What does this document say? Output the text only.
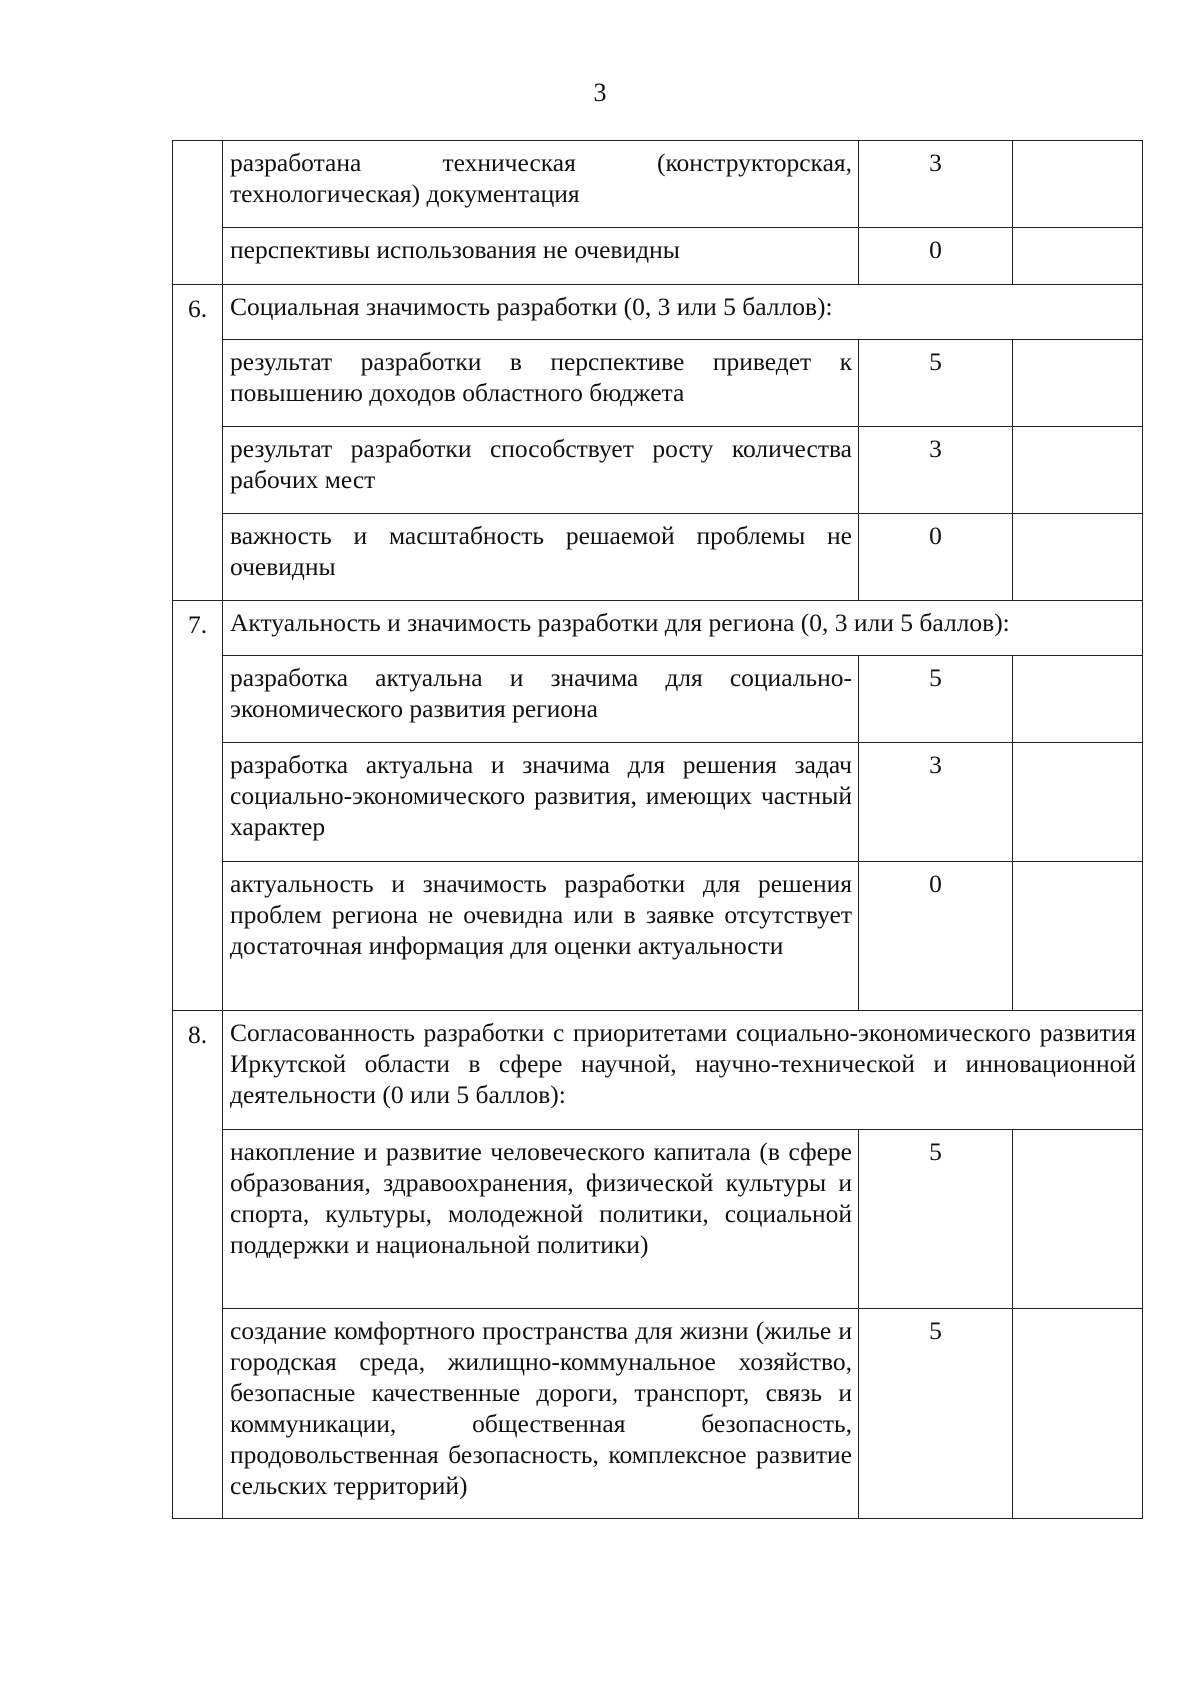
3
	разработана техническая (конструкторская, технологическая) документация	3	
	перспективы использования не очевидны	0	
6.	Социальная значимость разработки (0, 3 или 5 баллов):		
	результат разработки в перспективе приведет к повышению доходов областного бюджета	5	
	результат разработки способствует росту количества рабочих мест	3	
	важность и масштабность решаемой проблемы не очевидны	0	
7.	Актуальность и значимость разработки для региона (0, 3 или 5 баллов):		
	разработка актуальна и значима для социально-экономического развития региона	5	
	разработка актуальна и значима для решения задач социально-экономического развития, имеющих частный характер	3	
	актуальность и значимость разработки для решения проблем региона не очевидна или в заявке отсутствует достаточная информация для оценки актуальности	0	
8.	Согласованность разработки с приоритетами социально-экономического развития Иркутской области в сфере научной, научно-технической и инновационной деятельности (0 или 5 баллов):		
	накопление и развитие человеческого капитала (в сфере образования, здравоохранения, физической культуры и спорта, культуры, молодежной политики, социальной поддержки и национальной политики)	5	
	создание комфортного пространства для жизни (жилье и городская среда, жилищно-коммунальное хозяйство, безопасные качественные дороги, транспорт, связь и коммуникации, общественная безопасность, продовольственная безопасность, комплексное развитие сельских территорий)	5	
